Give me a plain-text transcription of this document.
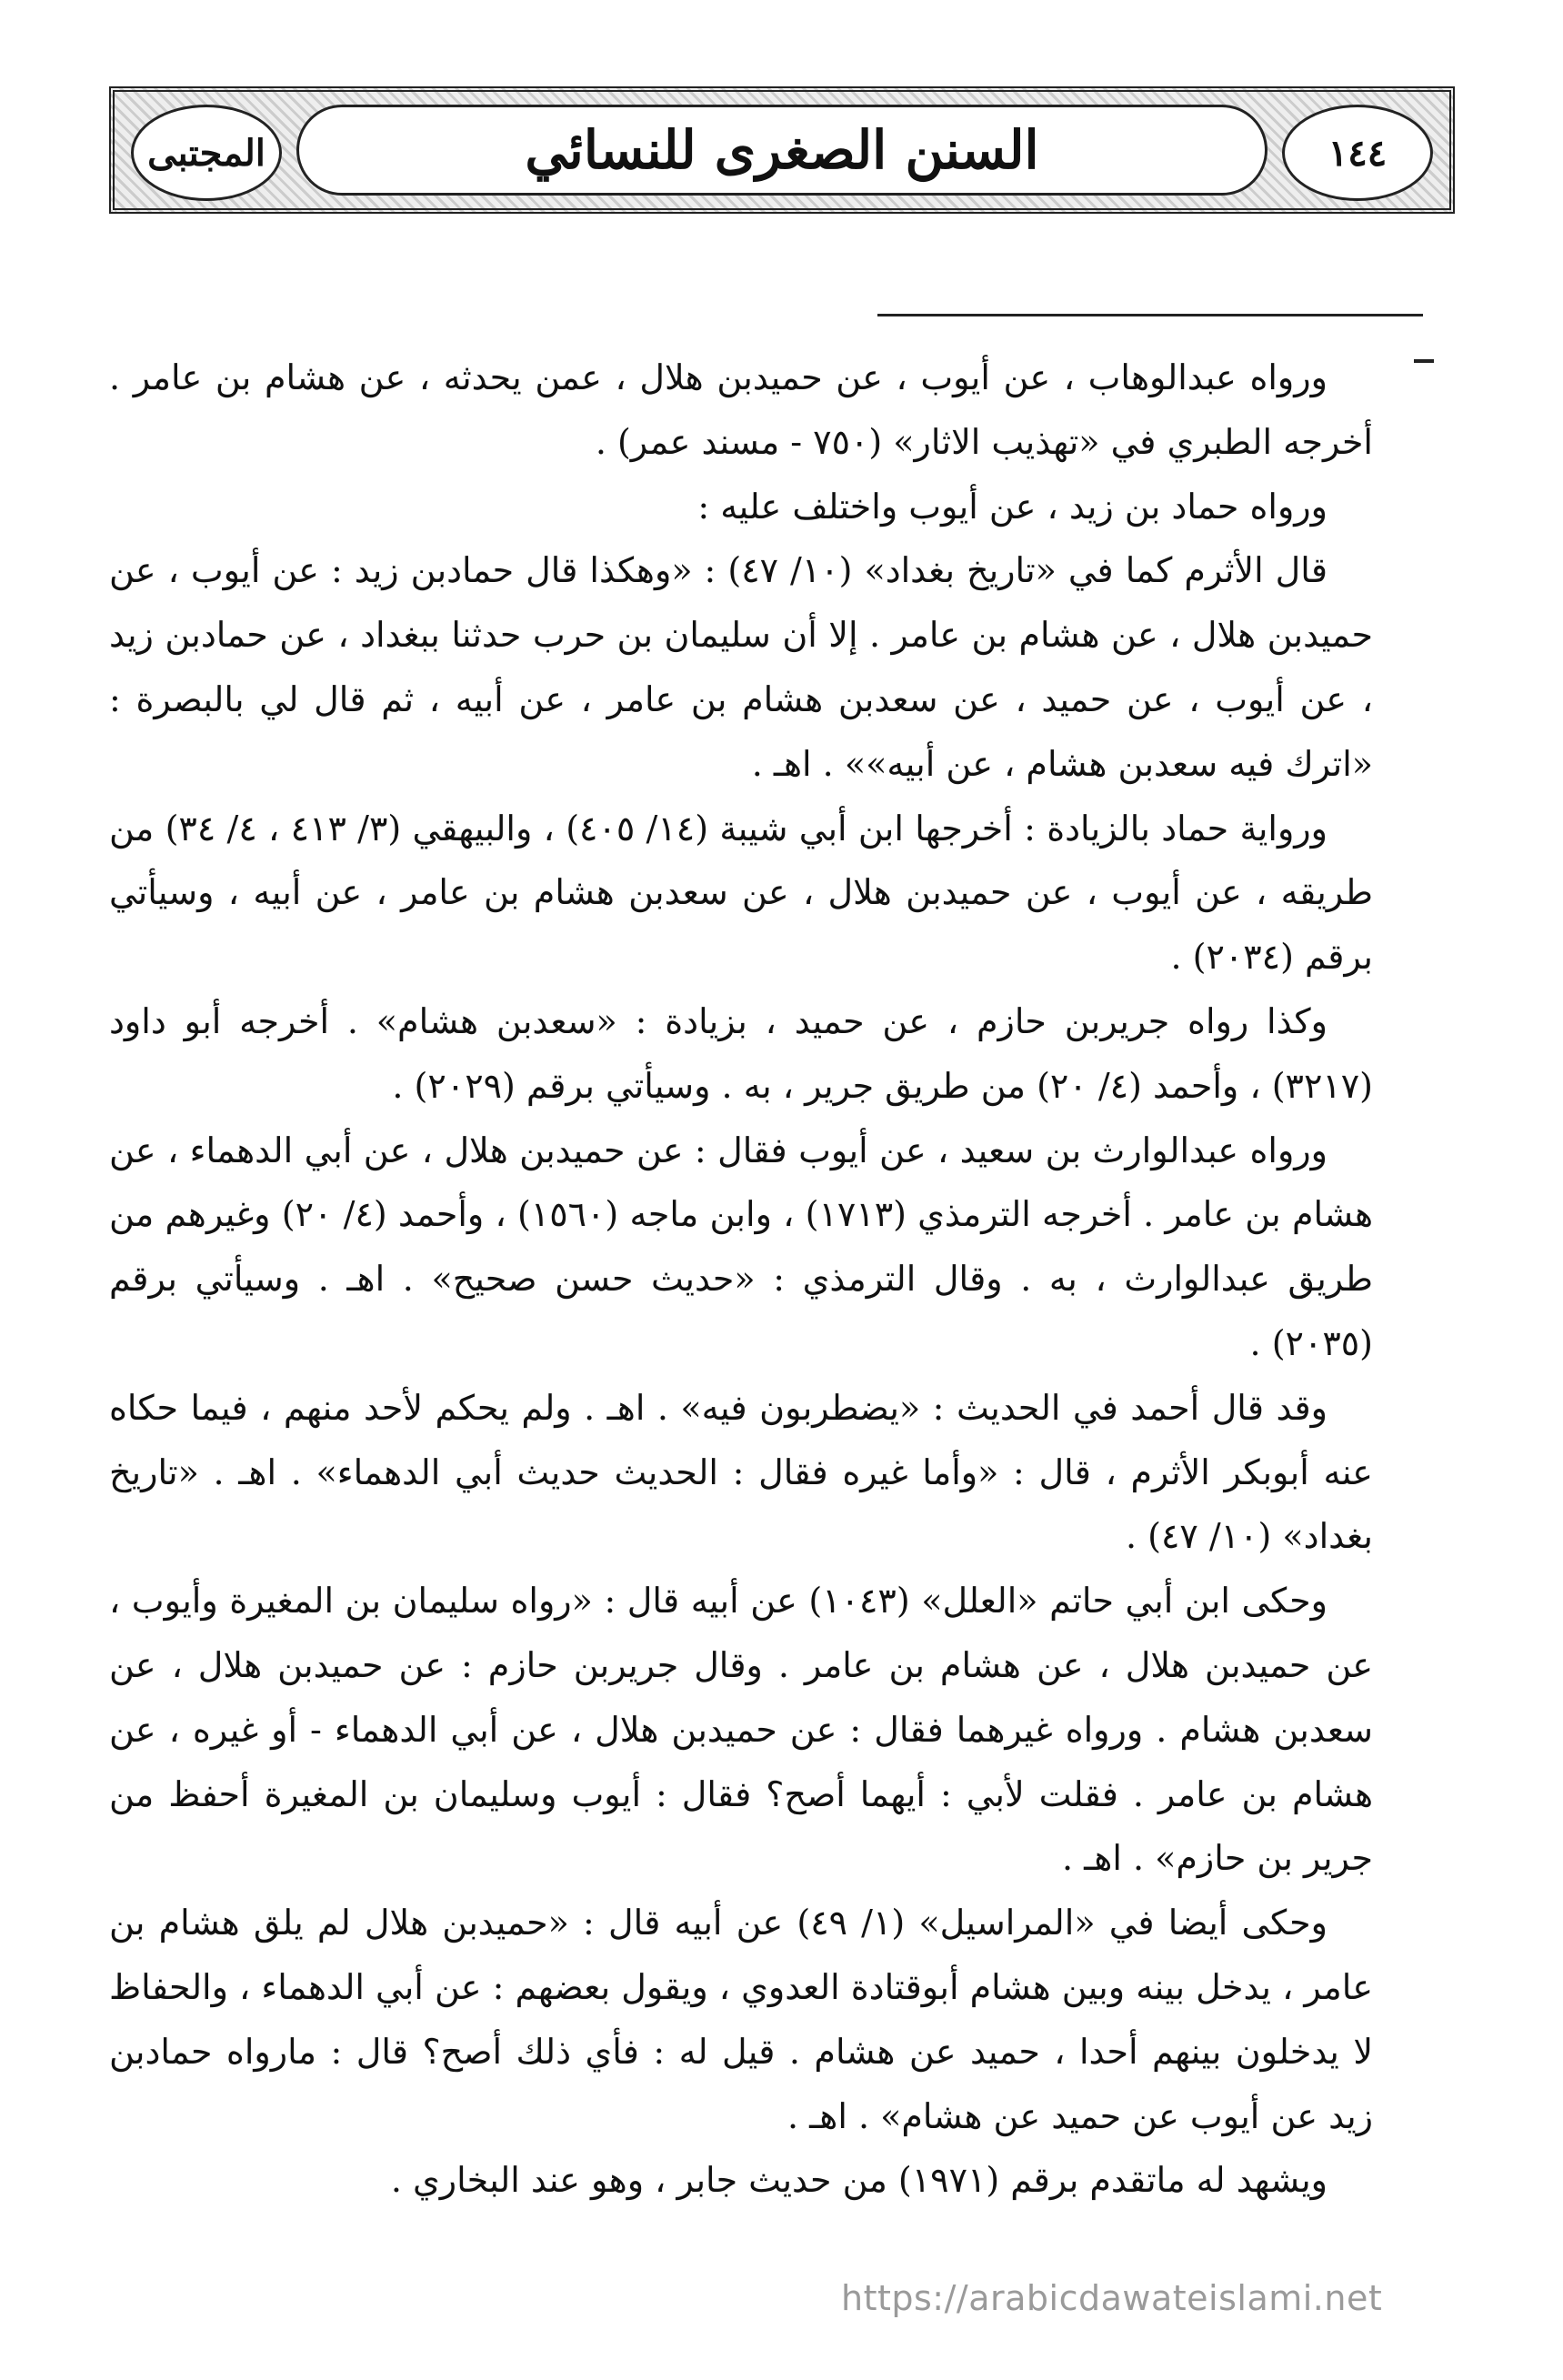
١٤٤
السنن الصغرى للنسائي
المجتبى

ورواه عبدالوهاب ، عن أيوب ، عن حميدبن هلال ، عمن يحدثه ، عن هشام بن عامر . أخرجه الطبري في «تهذيب الاثار» (٧٥٠ - مسند عمر) .

ورواه حماد بن زيد ، عن أيوب واختلف عليه :

قال الأثرم كما في «تاريخ بغداد» (١٠/ ٤٧) : «وهكذا قال حمادبن زيد : عن أيوب ، عن حميدبن هلال ، عن هشام بن عامر . إلا أن سليمان بن حرب حدثنا ببغداد ، عن حمادبن زيد ، عن أيوب ، عن حميد ، عن سعدبن هشام بن عامر ، عن أبيه ، ثم قال لي بالبصرة : «اترك فيه سعدبن هشام ، عن أبيه»» . اهـ .

ورواية حماد بالزيادة : أخرجها ابن أبي شيبة (١٤/ ٤٠٥) ، والبيهقي (٣/ ٤١٣ ، ٤/ ٣٤) من طريقه ، عن أيوب ، عن حميدبن هلال ، عن سعدبن هشام بن عامر ، عن أبيه ، وسيأتي برقم (٢٠٣٤) .

وكذا رواه جريربن حازم ، عن حميد ، بزيادة : «سعدبن هشام» . أخرجه أبو داود (٣٢١٧) ، وأحمد (٤/ ٢٠) من طريق جرير ، به . وسيأتي برقم (٢٠٢٩) .

ورواه عبدالوارث بن سعيد ، عن أيوب فقال : عن حميدبن هلال ، عن أبي الدهماء ، عن هشام بن عامر . أخرجه الترمذي (١٧١٣) ، وابن ماجه (١٥٦٠) ، وأحمد (٤/ ٢٠) وغيرهم من طريق عبدالوارث ، به . وقال الترمذي : «حديث حسن صحيح» . اهـ . وسيأتي برقم (٢٠٣٥) .

وقد قال أحمد في الحديث : «يضطربون فيه» . اهـ . ولم يحكم لأحد منهم ، فيما حكاه عنه أبوبكر الأثرم ، قال : «وأما غيره فقال : الحديث حديث أبي الدهماء» . اهـ . «تاريخ بغداد» (١٠/ ٤٧) .

وحكى ابن أبي حاتم «العلل» (١٠٤٣) عن أبيه قال : «رواه سليمان بن المغيرة وأيوب ، عن حميدبن هلال ، عن هشام بن عامر . وقال جريربن حازم : عن حميدبن هلال ، عن سعدبن هشام . ورواه غيرهما فقال : عن حميدبن هلال ، عن أبي الدهماء - أو غيره ، عن هشام بن عامر . فقلت لأبي : أيهما أصح؟ فقال : أيوب وسليمان بن المغيرة أحفظ من جرير بن حازم» . اهـ .

وحكى أيضا في «المراسيل» (١/ ٤٩) عن أبيه قال : «حميدبن هلال لم يلق هشام بن عامر ، يدخل بينه وبين هشام أبوقتادة العدوي ، ويقول بعضهم : عن أبي الدهماء ، والحفاظ لا يدخلون بينهم أحدا ، حميد عن هشام . قيل له : فأي ذلك أصح؟ قال : مارواه حمادبن زيد عن أيوب عن حميد عن هشام» . اهـ .

ويشهد له ماتقدم برقم (١٩٧١) من حديث جابر ، وهو عند البخاري .

https://arabicdawateislami.net
